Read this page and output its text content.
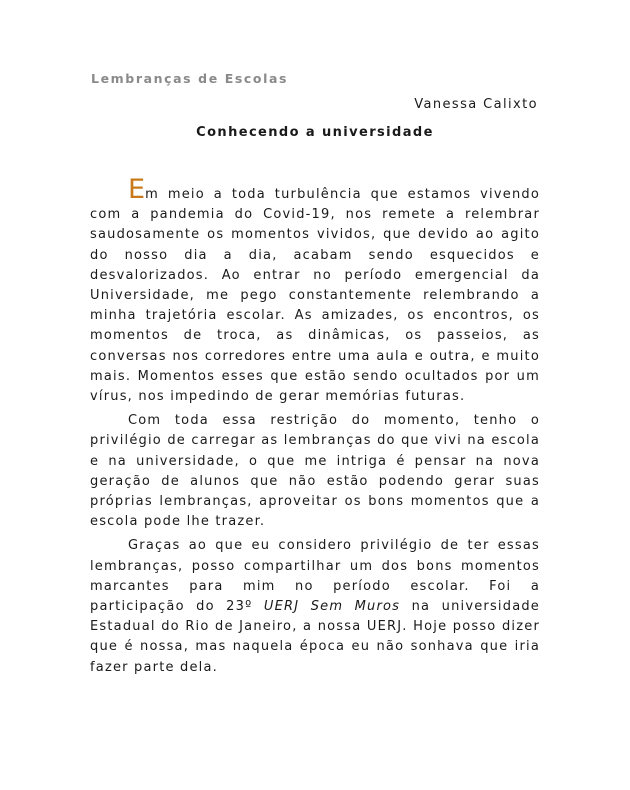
Lembranças de Escolas
Vanessa Calixto
Conhecendo a universidade

Em meio a toda turbulência que estamos vivendo com a pandemia do Covid-19, nos remete a relembrar saudosamente os momentos vividos, que devido ao agito do nosso dia a dia, acabam sendo esquecidos e desvalorizados. Ao entrar no período emergencial da Universidade, me pego constantemente relembrando a minha trajetória escolar. As amizades, os encontros, os momentos de troca, as dinâmicas, os passeios, as conversas nos corredores entre uma aula e outra, e muito mais. Momentos esses que estão sendo ocultados por um vírus, nos impedindo de gerar memórias futuras.

Com toda essa restrição do momento, tenho o privilégio de carregar as lembranças do que vivi na escola e na universidade, o que me intriga é pensar na nova geração de alunos que não estão podendo gerar suas próprias lembranças, aproveitar os bons momentos que a escola pode lhe trazer.

Graças ao que eu considero privilégio de ter essas lembranças, posso compartilhar um dos bons momentos marcantes para mim no período escolar. Foi a participação do 23º UERJ Sem Muros na universidade Estadual do Rio de Janeiro, a nossa UERJ. Hoje posso dizer que é nossa, mas naquela época eu não sonhava que iria fazer parte dela.
